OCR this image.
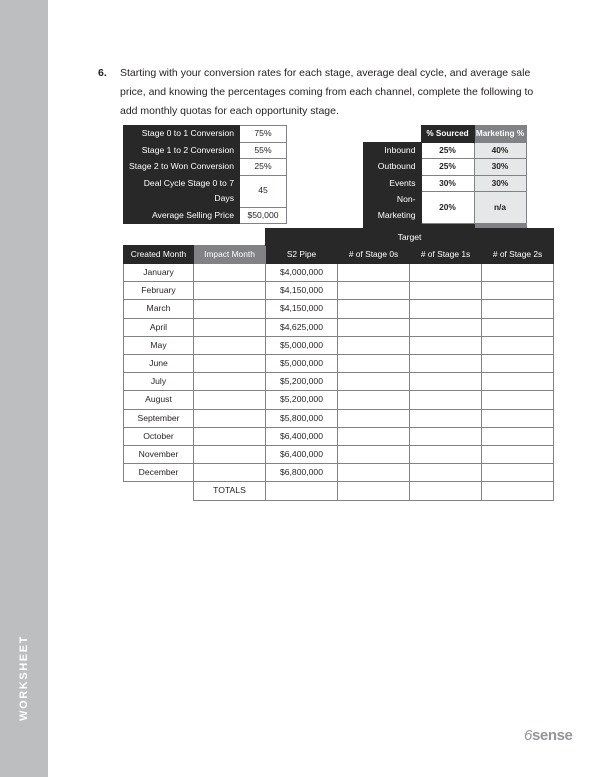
WORKSHEET
6.	Starting with your conversion rates for each stage, average deal cycle, and average sale price, and knowing the percentages coming from each channel, complete the following to add monthly quotas for each opportunity stage.
Stage 0 to 1 Conversion	75%
Stage 1 to 2 Conversion	55%
Stage 2 to Won Conversion	25%
Deal Cycle Stage 0 to 7 Days	45
Average Selling Price	$50,000
	% Sourced	Marketing %
Inbound	25%	40%
Outbound	25%	30%
Events	30%	30%
Non-Marketing	20%	n/a

		Target			
Created Month	Impact Month	S2 Pipe	# of Stage 0s	# of Stage 1s	# of Stage 2s
January		$4,000,000			
February		$4,150,000			
March		$4,150,000			
April		$4,625,000			
May		$5,000,000			
June		$5,000,000			
July		$5,200,000			
August		$5,200,000			
September		$5,800,000			
October		$6,400,000			
November		$6,400,000			
December		$6,800,000			
	TOTALS				
6sense
